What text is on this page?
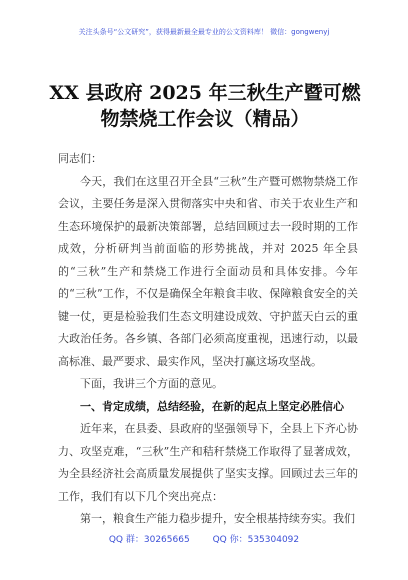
关注头条号“公文研究”，获得最新最全最专业的公文资料库！ 微信：gongwenyj
XX 县政府 2025 年三秋生产暨可燃物禁烧工作会议（精品）

同志们：

今天，我们在这里召开全县“三秋”生产暨可燃物禁烧工作会议，主要任务是深入贯彻落实中央和省、市关于农业生产和生态环境保护的最新决策部署，总结回顾过去一段时期的工作成效，分析研判当前面临的形势挑战，并对 2025 年全县的“三秋”生产和禁烧工作进行全面动员和具体安排。今年的“三秋”工作，不仅是确保全年粮食丰收、保障粮食安全的关键一仗，更是检验我们生态文明建设成效、守护蓝天白云的重大政治任务。各乡镇、各部门必须高度重视，迅速行动，以最高标准、最严要求、最实作风，坚决打赢这场攻坚战。

下面，我讲三个方面的意见。

一、肯定成绩，总结经验，在新的起点上坚定必胜信心

近年来，在县委、县政府的坚强领导下，全县上下齐心协力、攻坚克难，“三秋”生产和秸秆禁烧工作取得了显著成效，为全县经济社会高质量发展提供了坚实支撑。回顾过去三年的工作，我们有以下几个突出亮点：

第一，粮食生产能力稳步提升，安全根基持续夯实。我们

QQ 群：30265665	QQ 你：535304092
